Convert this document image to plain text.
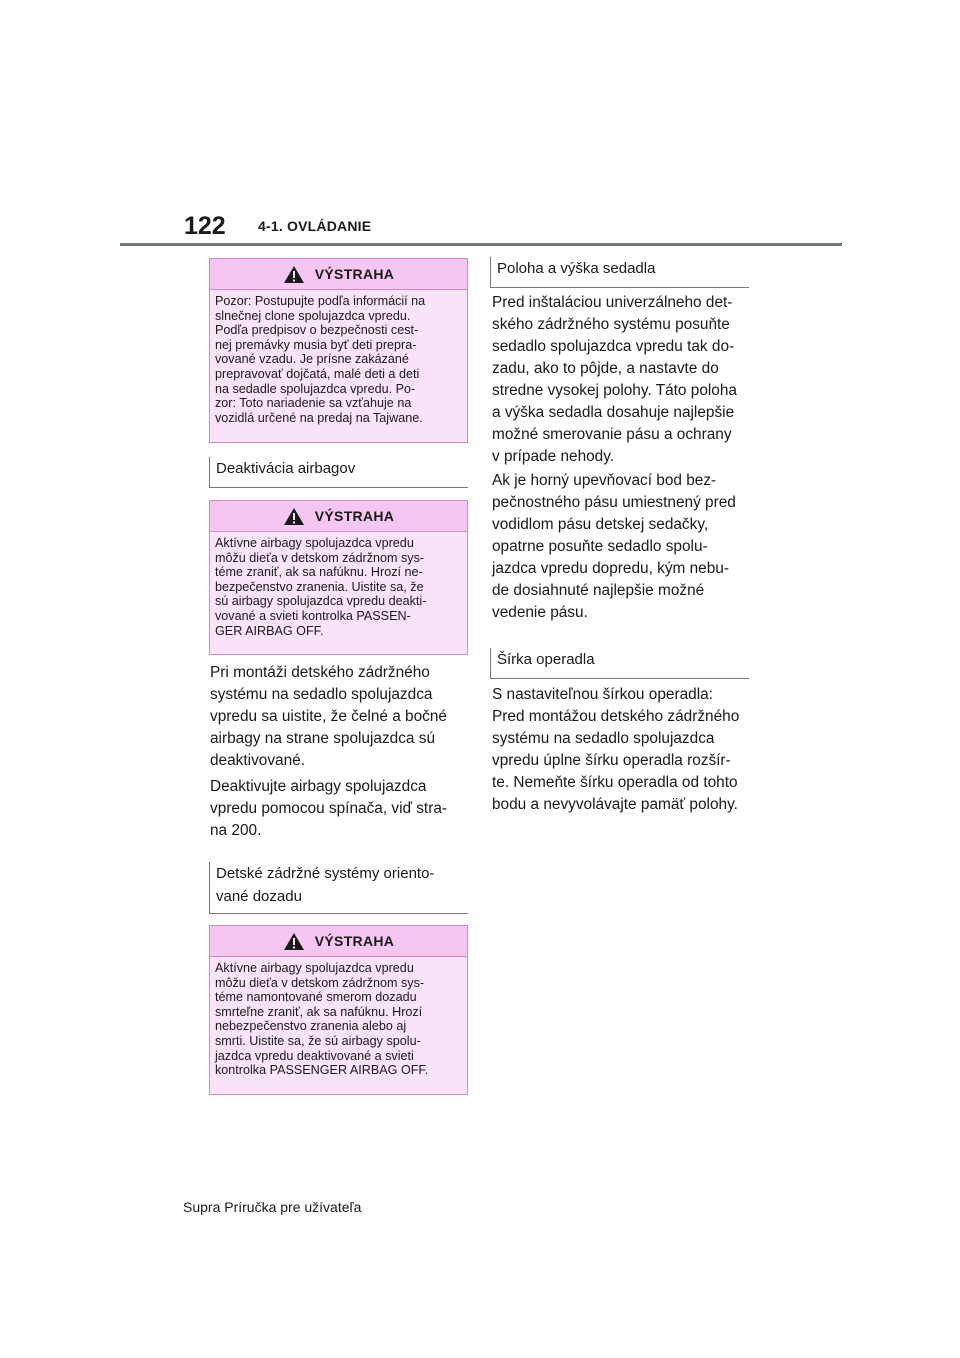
122 4-1. OVLÁDANIE
VÝSTRAHA
Pozor: Postupujte podľa informácií na
slnečnej clone spolujazdca vpredu.
Podľa predpisov o bezpečnosti cest-
nej premávky musia byť deti prepra-
vované vzadu. Je prísne zakázané
prepravovať dojčatá, malé deti a deti
na sedadle spolujazdca vpredu. Po-
zor: Toto nariadenie sa vzťahuje na
vozidlá určené na predaj na Tajwane.
Deaktivácia airbagov
VÝSTRAHA
Aktívne airbagy spolujazdca vpredu
môžu dieťa v detskom zádržnom sys-
téme zraniť, ak sa nafúknu. Hrozí ne-
bezpečenstvo zranenia. Uistite sa, že
sú airbagy spolujazdca vpredu deakti-
vované a svieti kontrolka PASSEN-
GER AIRBAG OFF.
Pri montáži detského zádržného
systému na sedadlo spolujazdca
vpredu sa uistite, že čelné a bočné
airbagy na strane spolujazdca sú
deaktivované.
Deaktivujte airbagy spolujazdca
vpredu pomocou spínača, viď stra-
na 200.
Detské zádržné systémy oriento-
vané dozadu
VÝSTRAHA
Aktívne airbagy spolujazdca vpredu
môžu dieťa v detskom zádržnom sys-
téme namontované smerom dozadu
smrteľne zraniť, ak sa nafúknu. Hrozí
nebezpečenstvo zranenia alebo aj
smrti. Uistite sa, že sú airbagy spolu-
jazdca vpredu deaktivované a svieti
kontrolka PASSENGER AIRBAG OFF.
Poloha a výška sedadla
Pred inštaláciou univerzálneho det-
ského zádržného systému posuňte
sedadlo spolujazdca vpredu tak do-
zadu, ako to pôjde, a nastavte do
stredne vysokej polohy. Táto poloha
a výška sedadla dosahuje najlepšie
možné smerovanie pásu a ochrany
v prípade nehody.
Ak je horný upevňovací bod bez-
pečnostného pásu umiestnený pred
vodidlom pásu detskej sedačky,
opatrne posuňte sedadlo spolu-
jazdca vpredu dopredu, kým nebu-
de dosiahnuté najlepšie možné
vedenie pásu.
Šírka operadla
S nastaviteľnou šírkou operadla:
Pred montážou detského zádržného
systému na sedadlo spolujazdca
vpredu úplne šírku operadla rozšír-
te. Nemeňte šírku operadla od tohto
bodu a nevyvolávajte pamäť polohy.
Supra Príručka pre užívateľa
